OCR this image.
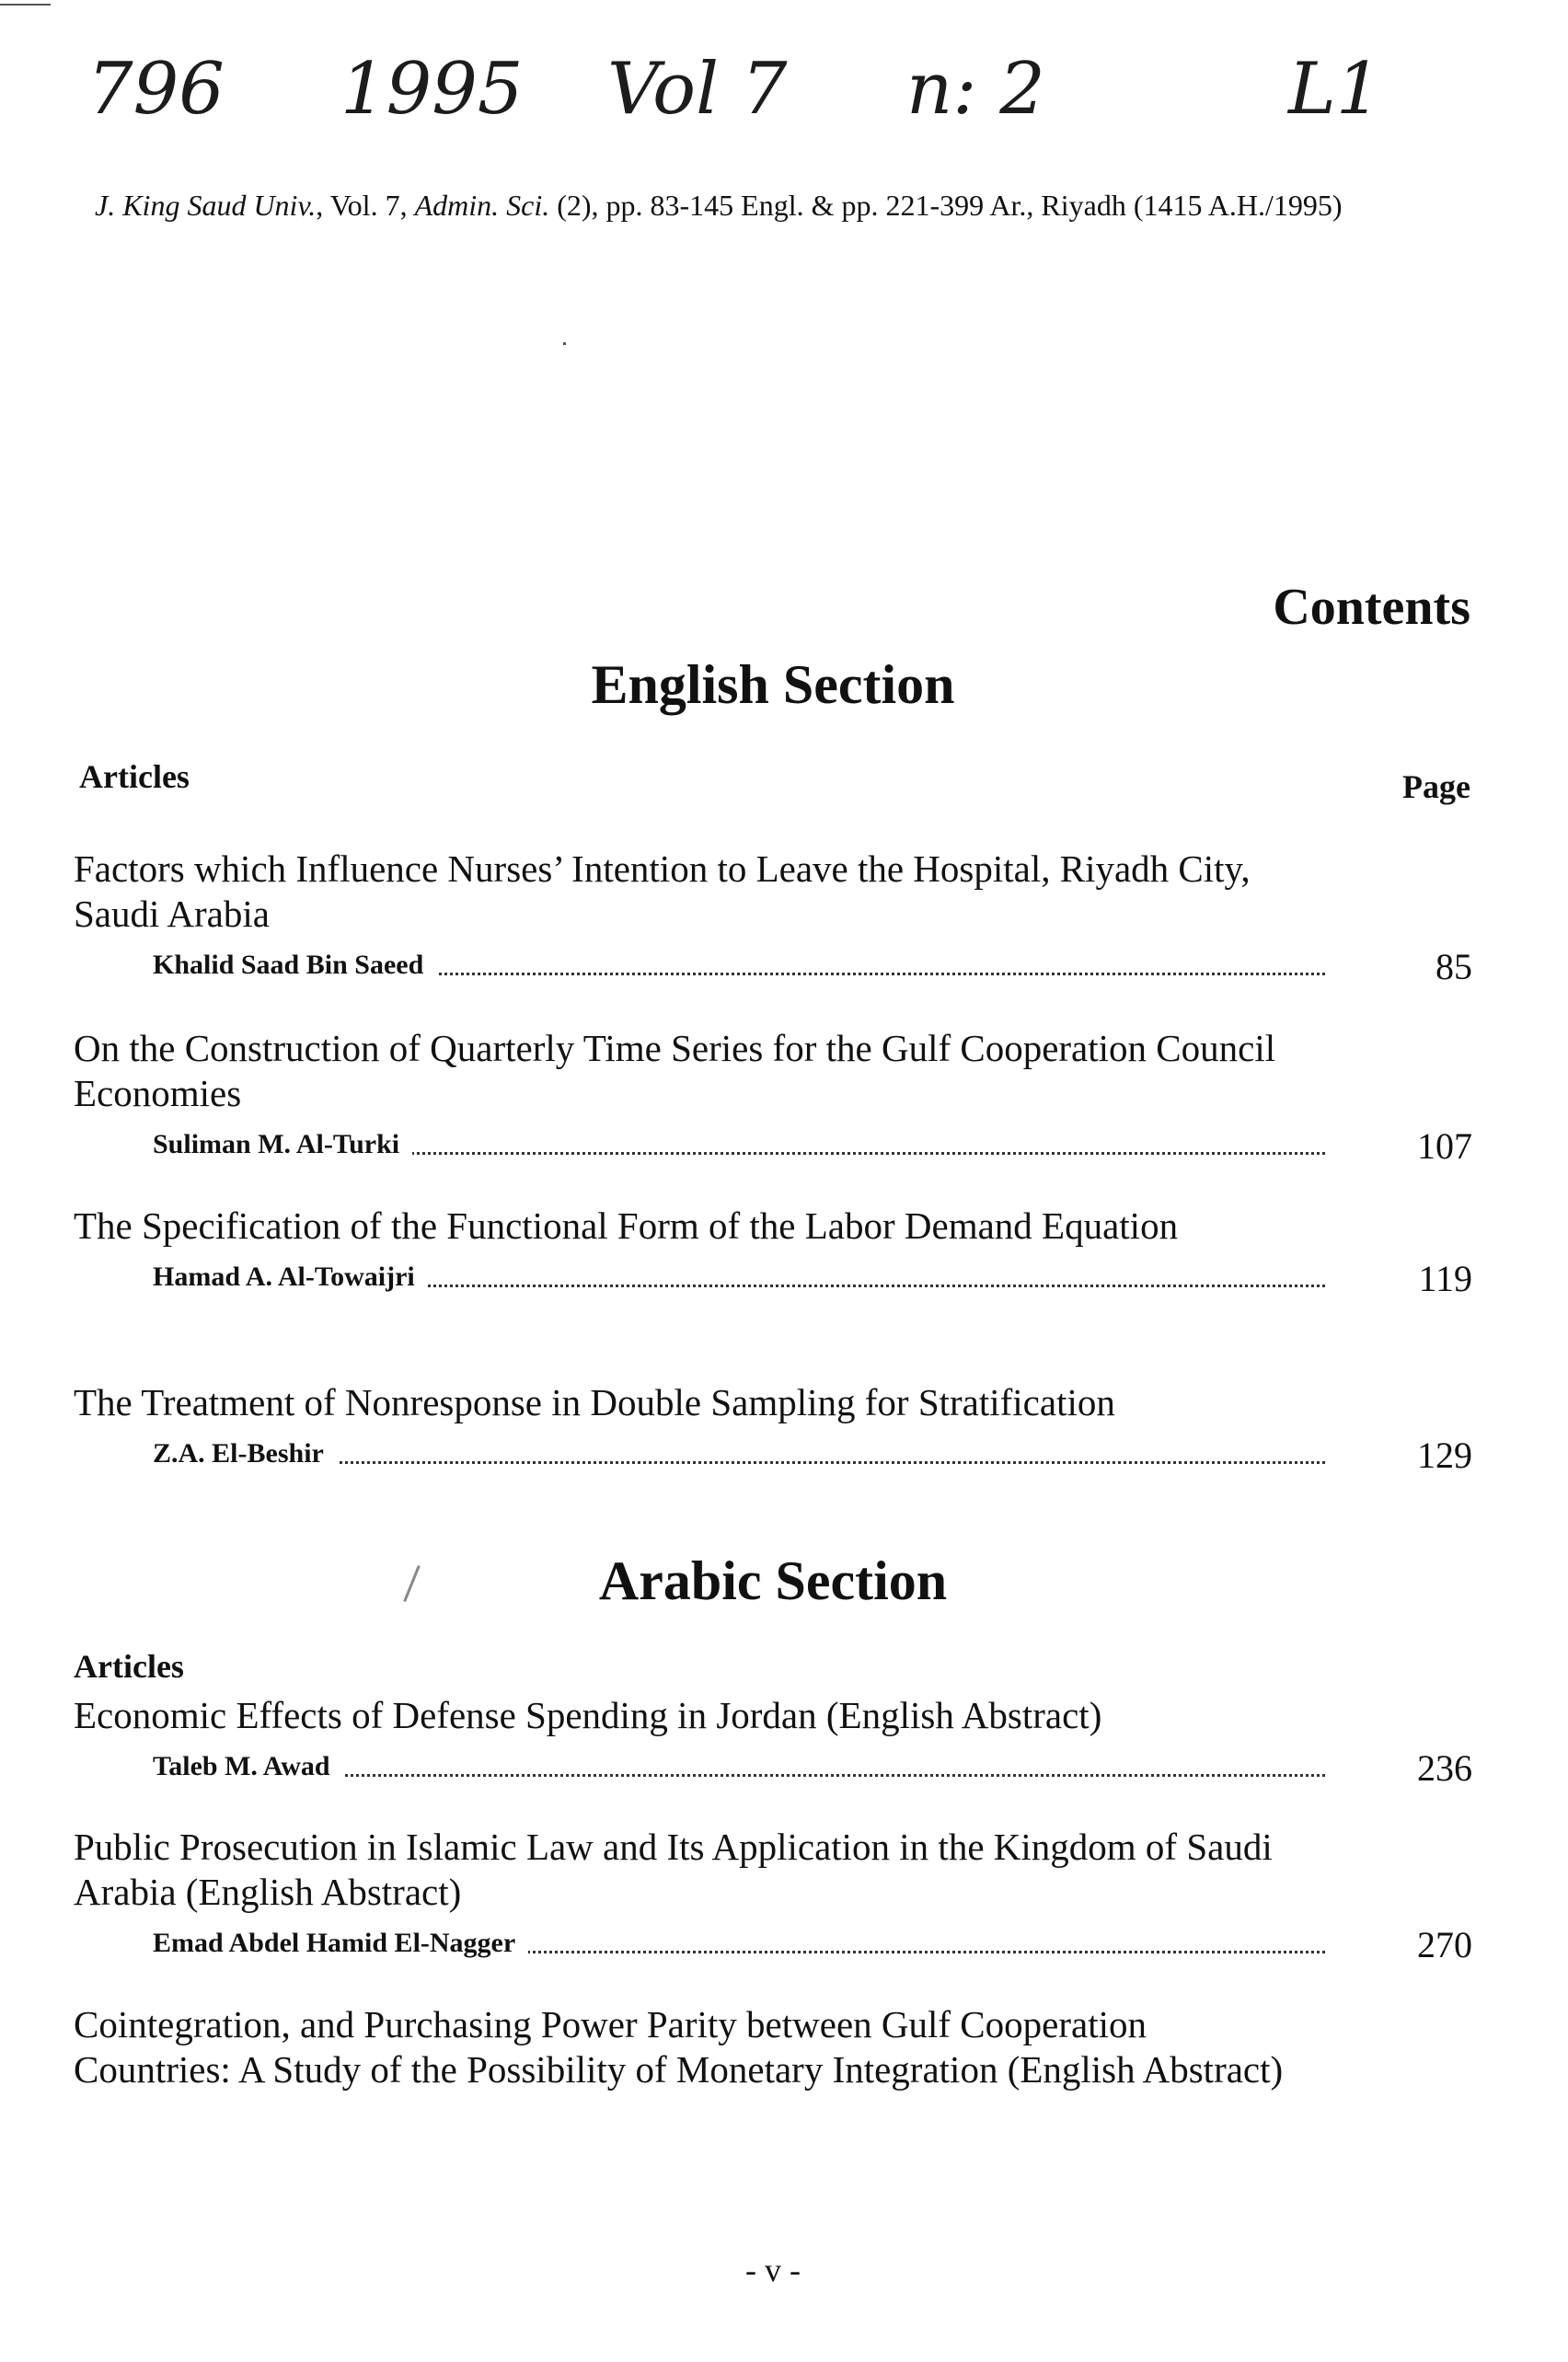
796 1995 Vol 7 n: 2	L1
J. King Saud Univ., Vol. 7, Admin. Sci. (2), pp. 83-145 Engl. & pp. 221-399 Ar., Riyadh (1415 A.H./1995)
Contents
English Section
Articles	Page
Factors which Influence Nurses’ Intention to Leave the Hospital, Riyadh City, Saudi Arabia
Khalid Saad Bin Saeed	85
On the Construction of Quarterly Time Series for the Gulf Cooperation Council Economies
Suliman M. Al-Turki	107
The Specification of the Functional Form of the Labor Demand Equation
Hamad A. Al-Towaijri	119
The Treatment of Nonresponse in Double Sampling for Stratification
Z.A. El-Beshir	129
Arabic Section
Articles
Economic Effects of Defense Spending in Jordan (English Abstract)
Taleb M. Awad	236
Public Prosecution in Islamic Law and Its Application in the Kingdom of Saudi Arabia (English Abstract)
Emad Abdel Hamid El-Nagger	270
Cointegration, and Purchasing Power Parity between Gulf Cooperation Countries: A Study of the Possibility of Monetary Integration (English Abstract)
- v -
